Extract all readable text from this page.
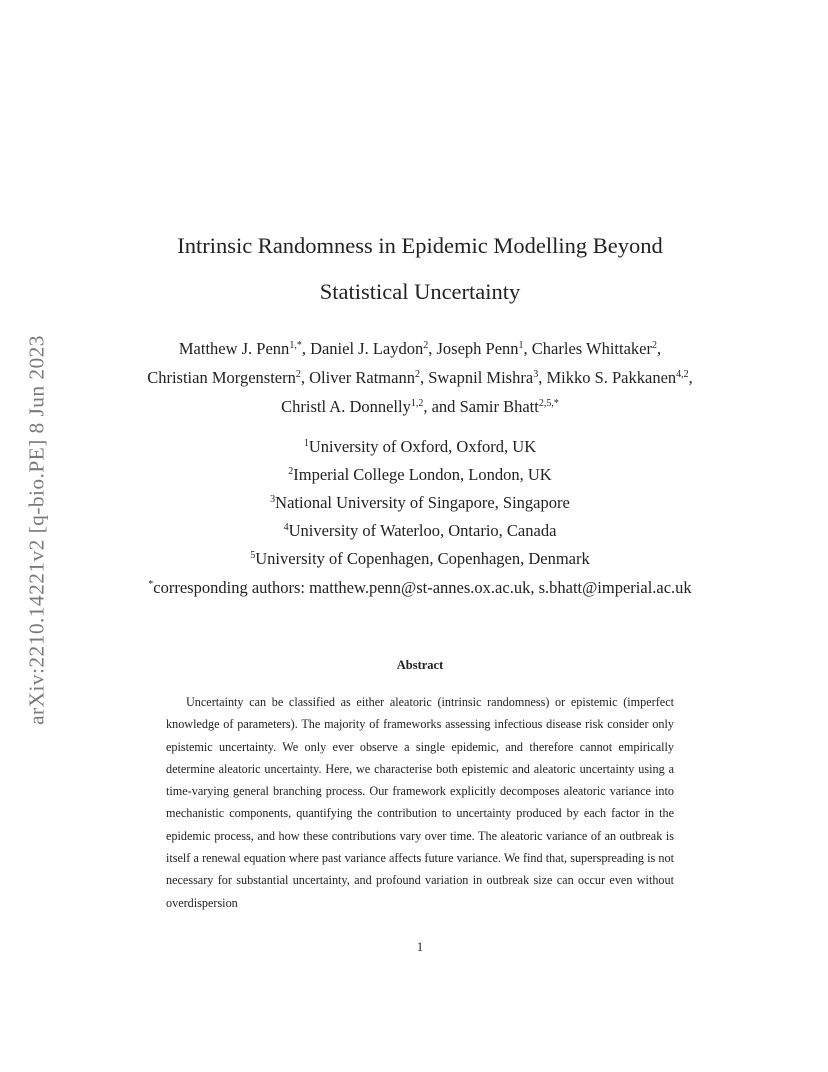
arXiv:2210.14221v2 [q-bio.PE] 8 Jun 2023
Intrinsic Randomness in Epidemic Modelling Beyond
Statistical Uncertainty
Matthew J. Penn$^{1,*}$, Daniel J. Laydon$^2$, Joseph Penn$^1$, Charles Whittaker$^2$,
Christian Morgenstern$^2$, Oliver Ratmann$^2$, Swapnil Mishra$^3$, Mikko S. Pakkanen$^{4,2}$,
Christl A. Donnelly$^{1,2}$, and Samir Bhatt$^{2,5,*}$
$^1$University of Oxford, Oxford, UK
$^2$Imperial College London, London, UK
$^3$National University of Singapore, Singapore
$^4$University of Waterloo, Ontario, Canada
$^5$University of Copenhagen, Copenhagen, Denmark
*corresponding authors: matthew.penn@st-annes.ox.ac.uk, s.bhatt@imperial.ac.uk
Abstract

Uncertainty can be classified as either aleatoric (intrinsic randomness) or epistemic (imperfect knowledge of parameters). The majority of frameworks assessing infectious disease risk consider only epistemic uncertainty. We only ever observe a single epidemic, and therefore cannot empirically determine aleatoric uncertainty. Here, we characterise both epistemic and aleatoric uncertainty using a time-varying general branching process. Our framework explicitly decomposes aleatoric variance into mechanistic components, quantifying the contribution to uncertainty produced by each factor in the epidemic process, and how these contributions vary over time. The aleatoric variance of an outbreak is itself a renewal equation where past variance affects future variance. We find that, superspreading is not necessary for substantial uncertainty, and profound variation in outbreak size can occur even without overdispersion

1
